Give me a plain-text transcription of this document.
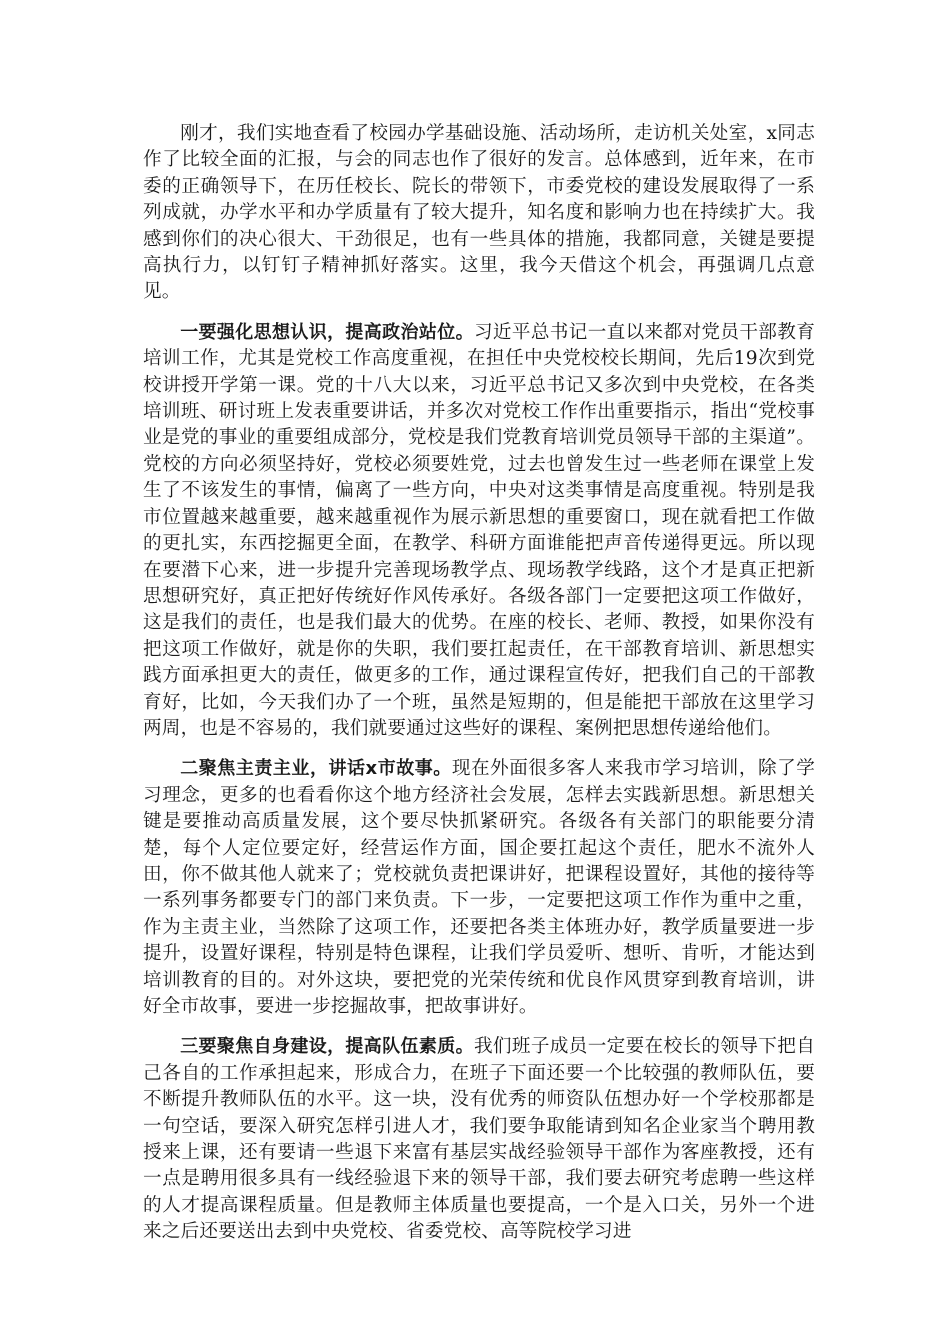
刚才，我们实地查看了校园办学基础设施、活动场所，走访机关处室，x同志作了比较全面的汇报，与会的同志也作了很好的发言。总体感到，近年来，在市委的正确领导下，在历任校长、院长的带领下，市委党校的建设发展取得了一系列成就，办学水平和办学质量有了较大提升，知名度和影响力也在持续扩大。我感到你们的决心很大、干劲很足，也有一些具体的措施，我都同意，关键是要提高执行力，以钉钉子精神抓好落实。这里，我今天借这个机会，再强调几点意见。

一要强化思想认识，提高政治站位。习近平总书记一直以来都对党员干部教育培训工作，尤其是党校工作高度重视，在担任中央党校校长期间，先后19次到党校讲授开学第一课。党的十八大以来，习近平总书记又多次到中央党校，在各类培训班、研讨班上发表重要讲话，并多次对党校工作作出重要指示，指出“党校事业是党的事业的重要组成部分，党校是我们党教育培训党员领导干部的主渠道”。党校的方向必须坚持好，党校必须要姓党，过去也曾发生过一些老师在课堂上发生了不该发生的事情，偏离了一些方向，中央对这类事情是高度重视。特别是我市位置越来越重要，越来越重视作为展示新思想的重要窗口，现在就看把工作做的更扎实，东西挖掘更全面，在教学、科研方面谁能把声音传递得更远。所以现在要潜下心来，进一步提升完善现场教学点、现场教学线路，这个才是真正把新思想研究好，真正把好传统好作风传承好。各级各部门一定要把这项工作做好，这是我们的责任，也是我们最大的优势。在座的校长、老师、教授，如果你没有把这项工作做好，就是你的失职，我们要扛起责任，在干部教育培训、新思想实践方面承担更大的责任，做更多的工作，通过课程宣传好，把我们自己的干部教育好，比如，今天我们办了一个班，虽然是短期的，但是能把干部放在这里学习两周，也是不容易的，我们就要通过这些好的课程、案例把思想传递给他们。

二聚焦主责主业，讲话x市故事。现在外面很多客人来我市学习培训，除了学习理念，更多的也看看你这个地方经济社会发展，怎样去实践新思想。新思想关键是要推动高质量发展，这个要尽快抓紧研究。各级各有关部门的职能要分清楚，每个人定位要定好，经营运作方面，国企要扛起这个责任，肥水不流外人田，你不做其他人就来了；党校就负责把课讲好，把课程设置好，其他的接待等一系列事务都要专门的部门来负责。下一步，一定要把这项工作作为重中之重，作为主责主业，当然除了这项工作，还要把各类主体班办好，教学质量要进一步提升，设置好课程，特别是特色课程，让我们学员爱听、想听、肯听，才能达到培训教育的目的。对外这块，要把党的光荣传统和优良作风贯穿到教育培训，讲好全市故事，要进一步挖掘故事，把故事讲好。

三要聚焦自身建设，提高队伍素质。我们班子成员一定要在校长的领导下把自己各自的工作承担起来，形成合力，在班子下面还要一个比较强的教师队伍，要不断提升教师队伍的水平。这一块，没有优秀的师资队伍想办好一个学校那都是一句空话，要深入研究怎样引进人才，我们要争取能请到知名企业家当个聘用教授来上课，还有要请一些退下来富有基层实战经验领导干部作为客座教授，还有一点是聘用很多具有一线经验退下来的领导干部，我们要去研究考虑聘一些这样的人才提高课程质量。但是教师主体质量也要提高，一个是入口关，另外一个进来之后还要送出去到中央党校、省委党校、高等院校学习进
